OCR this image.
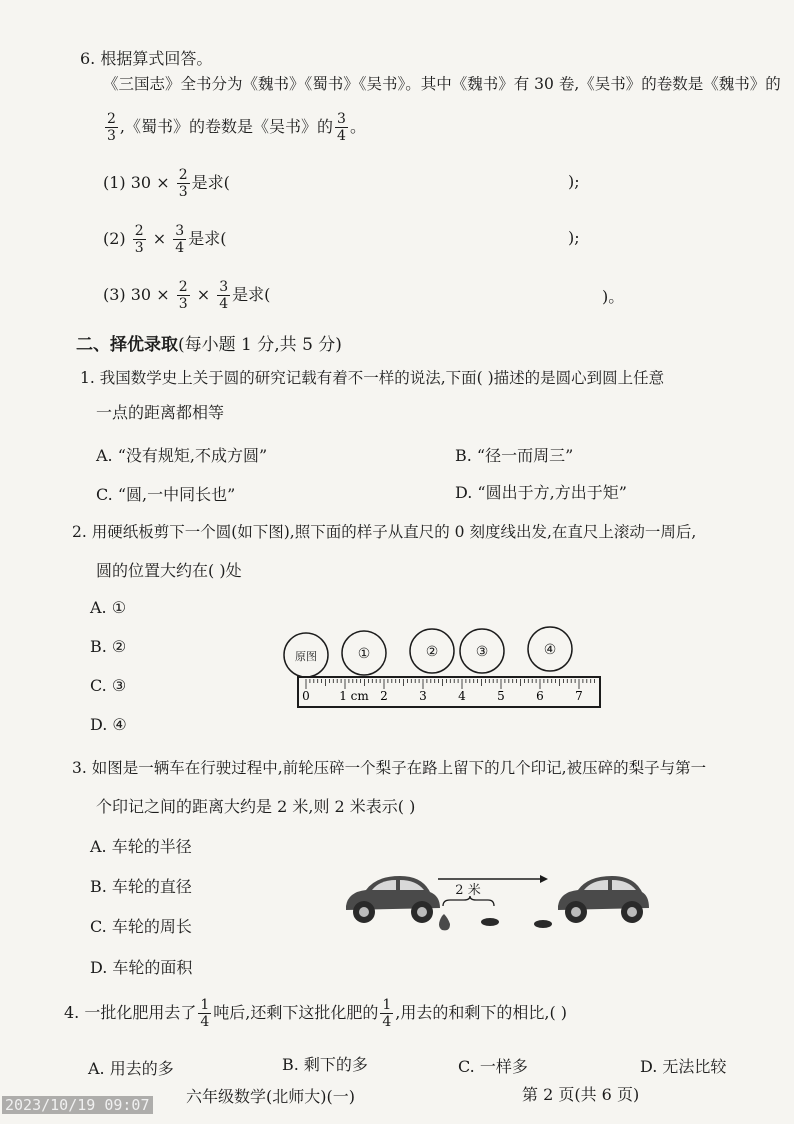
6. 根据算式回答。
《三国志》全书分为《魏书》《蜀书》《吴书》。其中《魏书》有 30 卷,《吴书》的卷数是《魏书》的
$\frac{2}{3}$ ,《蜀书》的卷数是《吴书》的 $\frac{3}{4}$ 。
(1) $30 \times \frac{2}{3}$ 是求(	);
$(2) \frac{2}{3} \times \frac{3}{4}$ 是求(	);
(3) $30 \times \frac{2}{3} \times \frac{3}{4}$ 是求(	)。
二、择优录取(每小题 1 分,共 5 分)
1. 我国数学史上关于圆的研究记载有着不一样的说法,下面( )描述的是圆心到圆上任意
一点的距离都相等
A. “没有规矩,不成方圆”	B. “径一而周三”
C. “圆,一中同长也”	D. “圆出于方,方出于矩”
2. 用硬纸板剪下一个圆(如下图),照下面的样子从直尺的 0 刻度线出发,在直尺上滚动一周后,
圆的位置大约在( )处
A. ①
B. ②
C. ③
D. ④
原图	①	②	③	④
0 1 cm 2	3	4	5	6	7
3. 如图是一辆车在行驶过程中,前轮压碎一个梨子在路上留下的几个印记,被压碎的梨子与第一
个印记之间的距离大约是 2 米,则 2 米表示( )
A. 车轮的半径
B. 车轮的直径
C. 车轮的周长
D. 车轮的面积
2 米
4. 一批化肥用去了 $\frac{1}{4}$ 吨后,还剩下这批化肥的 $\frac{1}{4}$ ,用去的和剩下的相比,( )
A. 用去的多	B. 剩下的多	C. 一样多	D. 无法比较
2023/10/19 09:07 六年级数学(北师大)(一)	第 2 页(共 6 页)
